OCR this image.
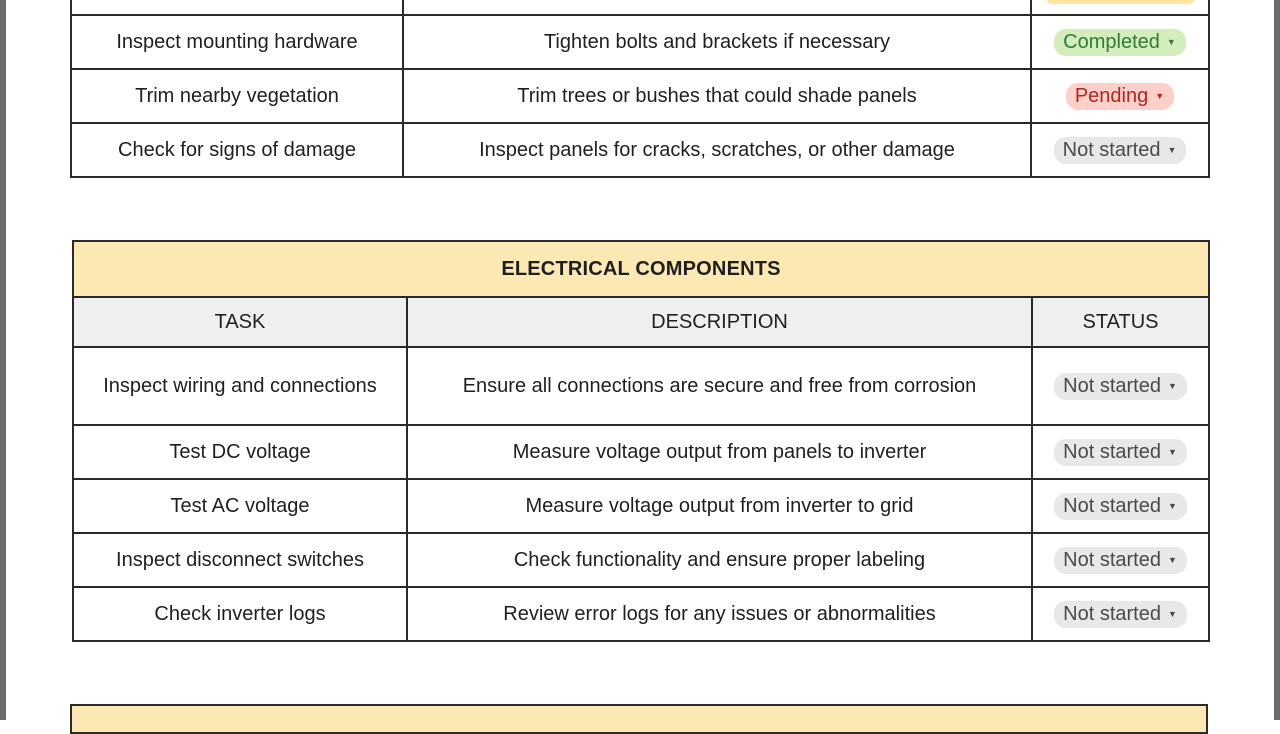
Inspect mounting hardware	Tighten bolts and brackets if necessary	Completed ▼
Trim nearby vegetation	Trim trees or bushes that could shade panels	Pending ▼
Check for signs of damage	Inspect panels for cracks, scratches, or other damage	Not started ▼
ELECTRICAL COMPONENTS		
TASK	DESCRIPTION	STATUS
Inspect wiring and connections	Ensure all connections are secure and free from corrosion	Not started ▼
Test DC voltage	Measure voltage output from panels to inverter	Not started ▼
Test AC voltage	Measure voltage output from inverter to grid	Not started ▼
Inspect disconnect switches	Check functionality and ensure proper labeling	Not started ▼
Check inverter logs	Review error logs for any issues or abnormalities	Not started ▼
